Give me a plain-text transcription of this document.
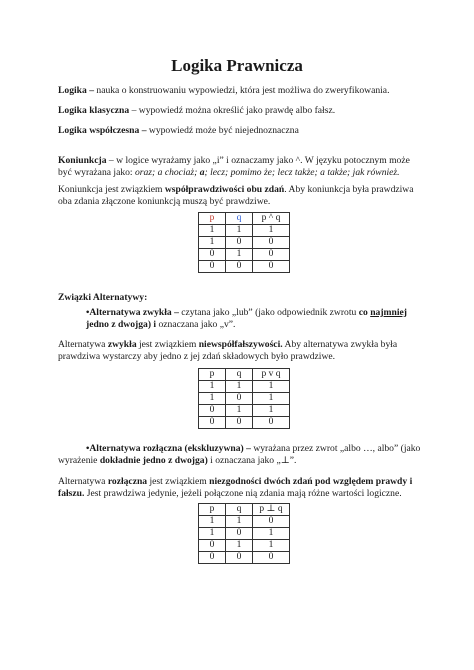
Logika Prawnicza
Logika – nauka o konstruowaniu wypowiedzi, która jest możliwa do zweryfikowania.
Logika klasyczna – wypowiedź można określić jako prawdę albo fałsz.
Logika współczesna – wypowiedź może być niejednoznaczna
Koniunkcja – w logice wyrażamy jako „i” i oznaczamy jako ^. W języku potocznym może
być wyrażana jako: oraz; a chociaż; a; lecz; pomimo że; lecz także; a także; jak również.
Koniunkcja jest związkiem współprawdziwości obu zdań. Aby koniunkcja była prawdziwa
oba zdania złączone koniunkcją muszą być prawdziwe.
p	q	p ^ q
1	1	1
1	0	0
0	1	0
0	0	0
Związki Alternatywy:
•Alternatywa zwykła – czytana jako „lub” (jako odpowiednik zwrotu co najmniej
jedno z dwojga) i oznaczana jako „v”.
Alternatywa zwykła jest związkiem niewspółfałszywości. Aby alternatywa zwykła była
prawdziwa wystarczy aby jedno z jej zdań składowych było prawdziwe.
p	q	p v q
1	1	1
1	0	1
0	1	1
0	0	0
•Alternatywa rozłączna (ekskluzywna) – wyrażana przez zwrot „albo …, albo” (jako
wyrażenie dokładnie jedno z dwojga) i oznaczana jako „⊥”.
Alternatywa rozłączna jest związkiem niezgodności dwóch zdań pod względem prawdy i
fałszu. Jest prawdziwa jedynie, jeżeli połączone nią zdania mają różne wartości logiczne.
p	q	p ⊥ q
1	1	0
1	0	1
0	1	1
0	0	0
